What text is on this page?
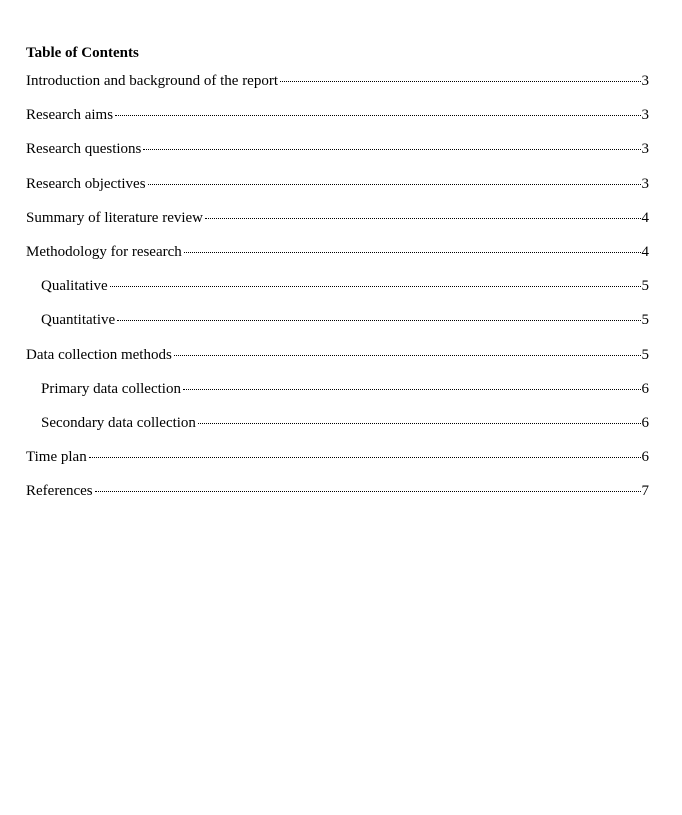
Table of Contents
Introduction and background of the report	3
Research aims	3
Research questions	3
Research objectives	3
Summary of literature review	4
Methodology for research	4
Qualitative	5
Quantitative	5
Data collection methods	5
Primary data collection	6
Secondary data collection	6
Time plan	6
References	7
